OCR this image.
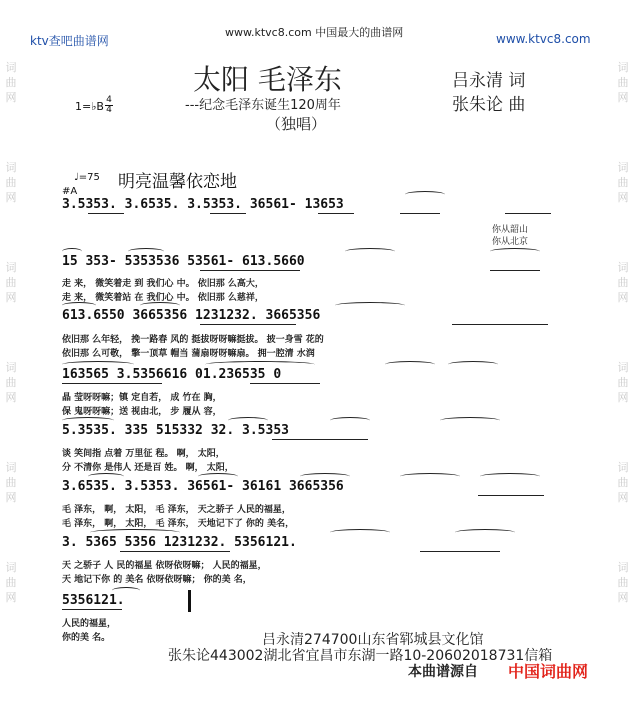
ktv查吧曲谱网
www.ktvc8.com 中国最大的曲谱网	www.ktvc8.com
词曲网
词曲网
词曲网
词曲网
词曲网
词曲网
词曲网
词曲网
词曲网
词曲网
词曲网
词曲网
太阳 毛泽东
---纪念毛泽东诞生120周年
（独唱）
吕永清 词
张朱论 曲
1=♭B $\frac{4}{4}$
♩=75 明亮温馨依恋地
#A
3.5353. 3.6535. 3.5353. 36561- 13653
你从韶山
你从北京
15 353- 5353536 53561- 613.5660
走 来， 微笑着走 到 我们心 中。 依旧那 么高大，
走 来， 微笑着站 在 我们心 中。 依旧那 么慈祥，
613.6550 3665356 1231232. 3665356
依旧那 么年轻， 挽一路春 风的 挺拔呀呀嘛挺拔。 披一身雪 花的
依旧那 么可敬， 擎一顶草 帽当 蒲扇呀呀嘛扇。 拥一腔清 水润
163565 3.5356616 01.236535 0
晶 莹呀呀嘛；镇 定自若， 成 竹在 胸，
保 鬼呀呀嘛；送 视由北， 步 履从 容，
5.3535. 335 515332 32. 3.5353
谈 笑间指 点着 万里征 程。 啊， 太阳，
分 不清你 是伟人 还是百 姓。 啊， 太阳，
3.6535. 3.5353. 36561- 36161 3665356
毛 泽东， 啊， 太阳， 毛 泽东， 天之骄子 人民的福星，
毛 泽东， 啊， 太阳， 毛 泽东， 天地记下了 你的 美名，
3. 5365 5356 1231232. 5356121.
天 之骄子 人 民的福星 依呀依呀嘛； 人民的福星，
天 地记下你 的 美名 依呀依呀嘛； 你的美 名，
5356121.
人民的福星，
你的美 名。	吕永清274700山东省郓城县文化馆
张朱论443002湖北省宜昌市东湖一路10-2060201873​1信箱
本曲谱源自 中国词曲网
